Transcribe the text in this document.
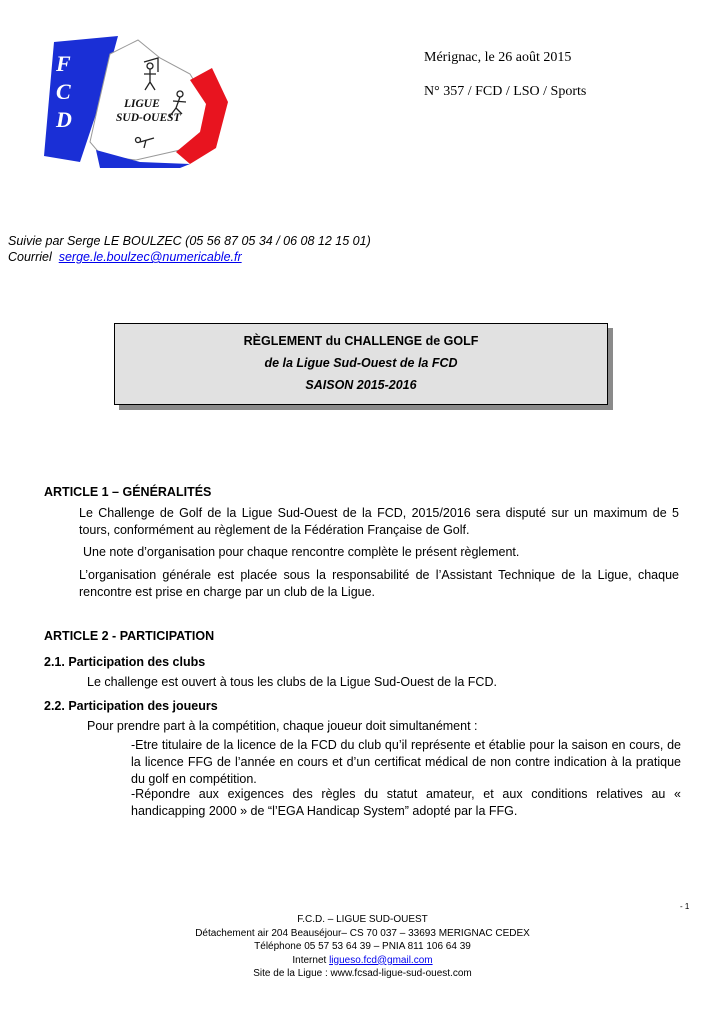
F
C
D
LIGUE
SUD-OUEST
Mérignac, le 26 août 2015
N° 357 / FCD / LSO / Sports
Suivie par Serge LE BOULZEC (05 56 87 05 34 / 06 08 12 15 01)
Courriel serge.le.boulzec@numericable.fr
RÈGLEMENT du CHALLENGE de GOLF
de la Ligue Sud-Ouest de la FCD
SAISON 2015-2016
ARTICLE 1 – GÉNÉRALITÉS
Le Challenge de Golf de la Ligue Sud-Ouest de la FCD, 2015/2016 sera disputé sur un maximum de 5 tours, conformément au règlement de la Fédération Française de Golf.
Une note d’organisation pour chaque rencontre complète le présent règlement.
L’organisation générale est placée sous la responsabilité de l’Assistant Technique de la Ligue, chaque rencontre est prise en charge par un club de la Ligue.
ARTICLE 2 - PARTICIPATION
2.1. Participation des clubs
Le challenge est ouvert à tous les clubs de la Ligue Sud-Ouest de la FCD.
2.2. Participation des joueurs
Pour prendre part à la compétition, chaque joueur doit simultanément :
-Etre titulaire de la licence de la FCD du club qu’il représente et établie pour la saison en cours, de la licence FFG de l’année en cours et d’un certificat médical de non contre indication à la pratique du golf en compétition.
-Répondre aux exigences des règles du statut amateur, et aux conditions relatives au « handicapping 2000 » de “l’EGA Handicap System” adopté par la FFG.
- 1
F.C.D. – LIGUE SUD-OUEST
Détachement air 204 Beauséjour– CS 70 037 – 33693 MERIGNAC CEDEX
Téléphone 05 57 53 64 39 – PNIA 811 106 64 39
Internet ligueso.fcd@gmail.com
Site de la Ligue : www.fcsad-ligue-sud-ouest.com
